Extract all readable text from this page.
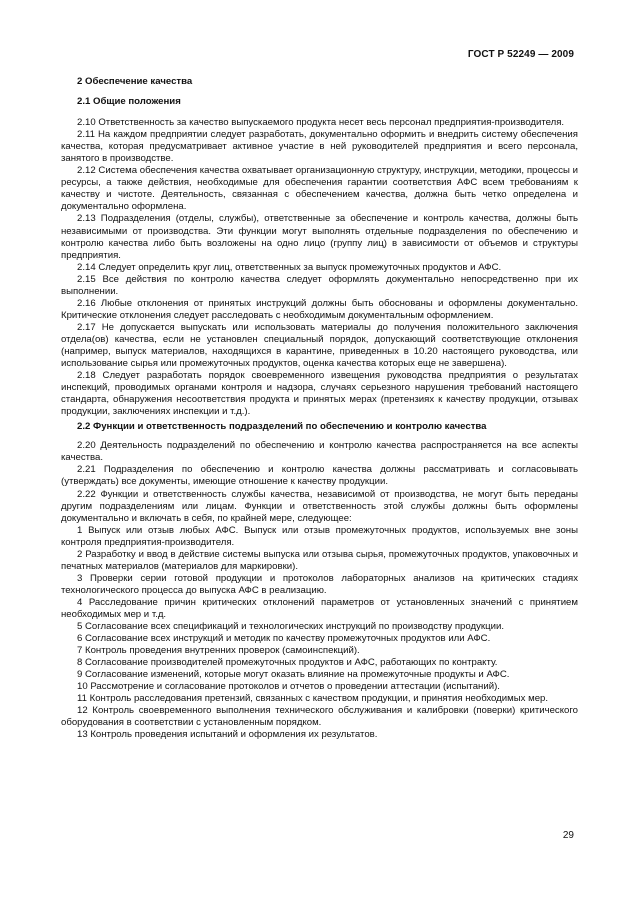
ГОСТ Р 52249 — 2009

2 Обеспечение качества

2.1 Общие положения

2.10 Ответственность за качество выпускаемого продукта несет весь персонал предприятия-производителя.

2.11 На каждом предприятии следует разработать, документально оформить и внедрить систему обеспечения качества, которая предусматривает активное участие в ней руководителей предприятия и всего персонала, занятого в производстве.

2.12 Система обеспечения качества охватывает организационную структуру, инструкции, методики, процессы и ресурсы, а также действия, необходимые для обеспечения гарантии соответствия АФС всем требованиям к качеству и чистоте. Деятельность, связанная с обеспечением качества, должна быть четко определена и документально оформлена.

2.13 Подразделения (отделы, службы), ответственные за обеспечение и контроль качества, должны быть независимыми от производства. Эти функции могут выполнять отдельные подразделения по обеспечению и контролю качества либо быть возложены на одно лицо (группу лиц) в зависимости от объемов и структуры предприятия.

2.14 Следует определить круг лиц, ответственных за выпуск промежуточных продуктов и АФС.

2.15 Все действия по контролю качества следует оформлять документально непосредственно при их выполнении.

2.16 Любые отклонения от принятых инструкций должны быть обоснованы и оформлены документально. Критические отклонения следует расследовать с необходимым документальным оформлением.

2.17 Не допускается выпускать или использовать материалы до получения положительного заключения отдела(ов) качества, если не установлен специальный порядок, допускающий соответствующие отклонения (например, выпуск материалов, находящихся в карантине, приведенных в 10.20 настоящего руководства, или использование сырья или промежуточных продуктов, оценка качества которых еще не завершена).

2.18 Следует разработать порядок своевременного извещения руководства предприятия о результатах инспекций, проводимых органами контроля и надзора, случаях серьезного нарушения требований настоящего стандарта, обнаружения несоответствия продукта и принятых мерах (претензиях к качеству продукции, отзывах продукции, заключениях инспекции и т.д.).

2.2 Функции и ответственность подразделений по обеспечению и контролю качества

2.20 Деятельность подразделений по обеспечению и контролю качества распространяется на все аспекты качества.

2.21 Подразделения по обеспечению и контролю качества должны рассматривать и согласовывать (утверждать) все документы, имеющие отношение к качеству продукции.

2.22 Функции и ответственность службы качества, независимой от производства, не могут быть переданы другим подразделениям или лицам. Функции и ответственность этой службы должны быть оформлены документально и включать в себя, по крайней мере, следующее:

1 Выпуск или отзыв любых АФС. Выпуск или отзыв промежуточных продуктов, используемых вне зоны контроля предприятия-производителя.

2 Разработку и ввод в действие системы выпуска или отзыва сырья, промежуточных продуктов, упаковочных и печатных материалов (материалов для маркировки).

3 Проверки серии готовой продукции и протоколов лабораторных анализов на критических стадиях технологического процесса до выпуска АФС в реализацию.

4 Расследование причин критических отклонений параметров от установленных значений с принятием необходимых мер и т.д.

5 Согласование всех спецификаций и технологических инструкций по производству продукции.

6 Согласование всех инструкций и методик по качеству промежуточных продуктов или АФС.

7 Контроль проведения внутренних проверок (самоинспекций).

8 Согласование производителей промежуточных продуктов и АФС, работающих по контракту.

9 Согласование изменений, которые могут оказать влияние на промежуточные продукты и АФС.

10 Рассмотрение и согласование протоколов и отчетов о проведении аттестации (испытаний).

11 Контроль расследования претензий, связанных с качеством продукции, и принятия необходимых мер.

12 Контроль своевременного выполнения технического обслуживания и калибровки (поверки) критического оборудования в соответствии с установленным порядком.

13 Контроль проведения испытаний и оформления их результатов.

29
